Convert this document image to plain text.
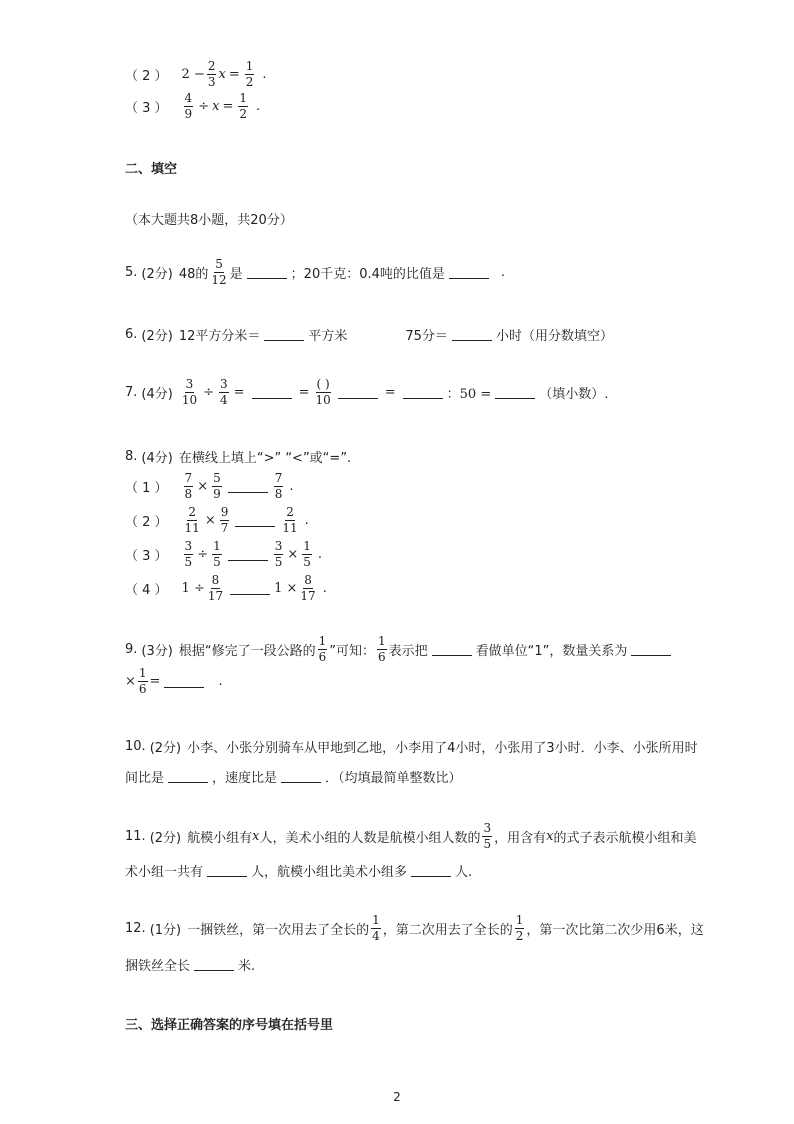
（ 2 ） $2 - \frac{2}{3}$ $x = \frac{1}{2}$ .
（ 3 ） $\frac{4}{9} \div x = \frac{1}{2}$ .
二、填空
（本大题共8小题，共20分）
5. (2分) 48的 $\frac{5}{12}$ 是	；20千克：0.4吨的比值是	.
6. (2分) 12平方分米＝	平方米	75分＝	小时（用分数填空）
7. (4分) $\frac{3}{10} \div \frac{3}{4}$ =	= $\frac{( )}{10}$	=	：50 =	（填小数）.
8. (4分) 在横线上填上“>” “<”或“=”.
（ 1 ） $\frac{7}{8} \times \frac{5}{9}$	$\frac{7}{8}$ .
（ 2 ） $\frac{2}{11} \times \frac{9}{7}$	$\frac{2}{11}$ .
（ 3 ） $\frac{3}{5} \div \frac{1}{5}$	$\frac{3}{5} \times \frac{1}{5}$ .
（ 4 ） $1 \div \frac{8}{17}$	$1 \times \frac{8}{17}$ .
9. (3分) 根据“修完了一段公路的 $\frac{1}{6}$ ”可知： $\frac{1}{6}$ 表示把	看做单位“1”，数量关系为
× $\frac{1}{6}$ =	.
10. (2分) 小李、小张分别骑车从甲地到乙地，小李用了4小时，小张用了3小时．小李、小张所用时
间比是	，速度比是	．（均填最简单整数比）
11. (2分) 航模小组有 x 人，美术小组的人数是航模小组人数的 $\frac{3}{5}$ ，用含有 x 的式子表示航模小组和美
术小组一共有	人，航模小组比美术小组多	人.
12. (1分) 一捆铁丝，第一次用去了全长的 $\frac{1}{4}$ ，第二次用去了全长的 $\frac{1}{2}$ ，第一次比第二次少用6米，这
捆铁丝全长	米.
三、选择正确答案的序号填在括号里
2
